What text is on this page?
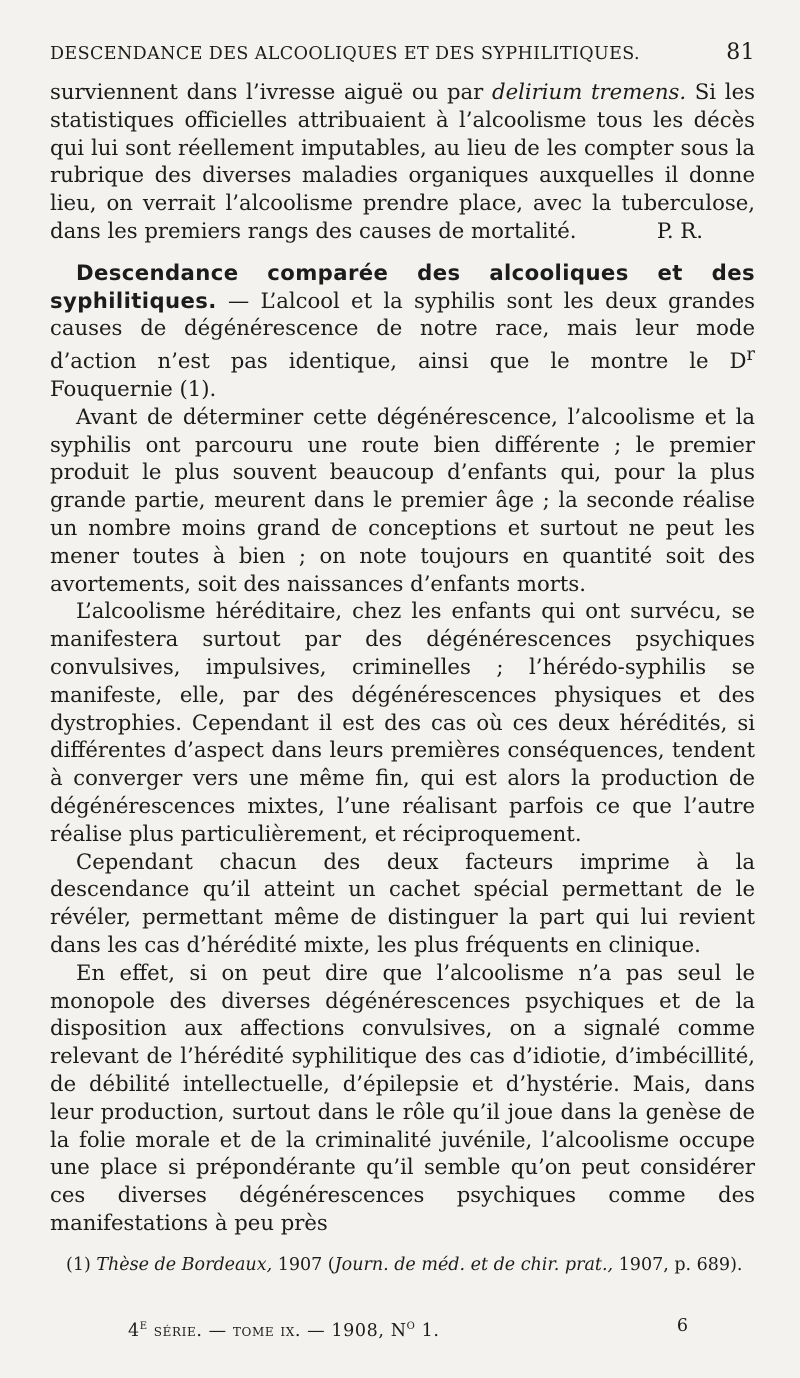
DESCENDANCE DES ALCOOLIQUES ET DES SYPHILITIQUES.	81

surviennent dans l’ivresse aiguë ou par delirium tremens. Si les statistiques officielles attribuaient à l’alcoolisme tous les décès qui lui sont réellement imputables, au lieu de les compter sous la rubrique des diverses maladies organiques auxquelles il donne lieu, on verrait l’alcoolisme prendre place, avec la tuberculose, dans les premiers rangs des causes de mortalité.	P. R.

Descendance comparée des alcooliques et des syphilitiques. — L’alcool et la syphilis sont les deux grandes causes de dégénérescence de notre race, mais leur mode d’action n’est pas identique, ainsi que le montre le $D^r$ Fouquernie (1).

Avant de déterminer cette dégénérescence, l’alcoolisme et la syphilis ont parcouru une route bien différente ; le premier produit le plus souvent beaucoup d’enfants qui, pour la plus grande partie, meurent dans le premier âge ; la seconde réalise un nombre moins grand de conceptions et surtout ne peut les mener toutes à bien ; on note toujours en quantité soit des avortements, soit des naissances d’enfants morts.

L’alcoolisme héréditaire, chez les enfants qui ont survécu, se manifestera surtout par des dégénérescences psychiques convulsives, impulsives, criminelles ; l’hérédo-syphilis se manifeste, elle, par des dégénérescences physiques et des dystrophies. Cependant il est des cas où ces deux hérédités, si différentes d’aspect dans leurs premières conséquences, tendent à converger vers une même fin, qui est alors la production de dégénérescences mixtes, l’une réalisant parfois ce que l’autre réalise plus particulièrement, et réciproquement.

Cependant chacun des deux facteurs imprime à la descendance qu’il atteint un cachet spécial permettant de le révéler, permettant même de distinguer la part qui lui revient dans les cas d’hérédité mixte, les plus fréquents en clinique.

En effet, si on peut dire que l’alcoolisme n’a pas seul le monopole des diverses dégénérescences psychiques et de la disposition aux affections convulsives, on a signalé comme relevant de l’hérédité syphilitique des cas d’idiotie, d’imbécillité, de débilité intellectuelle, d’épilepsie et d’hystérie. Mais, dans leur production, surtout dans le rôle qu’il joue dans la genèse de la folie morale et de la criminalité juvénile, l’alcoolisme occupe une place si prépondérante qu’il semble qu’on peut considérer ces diverses dégénérescences psychiques comme des manifestations à peu près

(1) Thèse de Bordeaux, 1907 (Journ. de méd. et de chir. prat., 1907, p. 689).

4e série. — tome ix. — 1908, $N^o$ 1.	6
